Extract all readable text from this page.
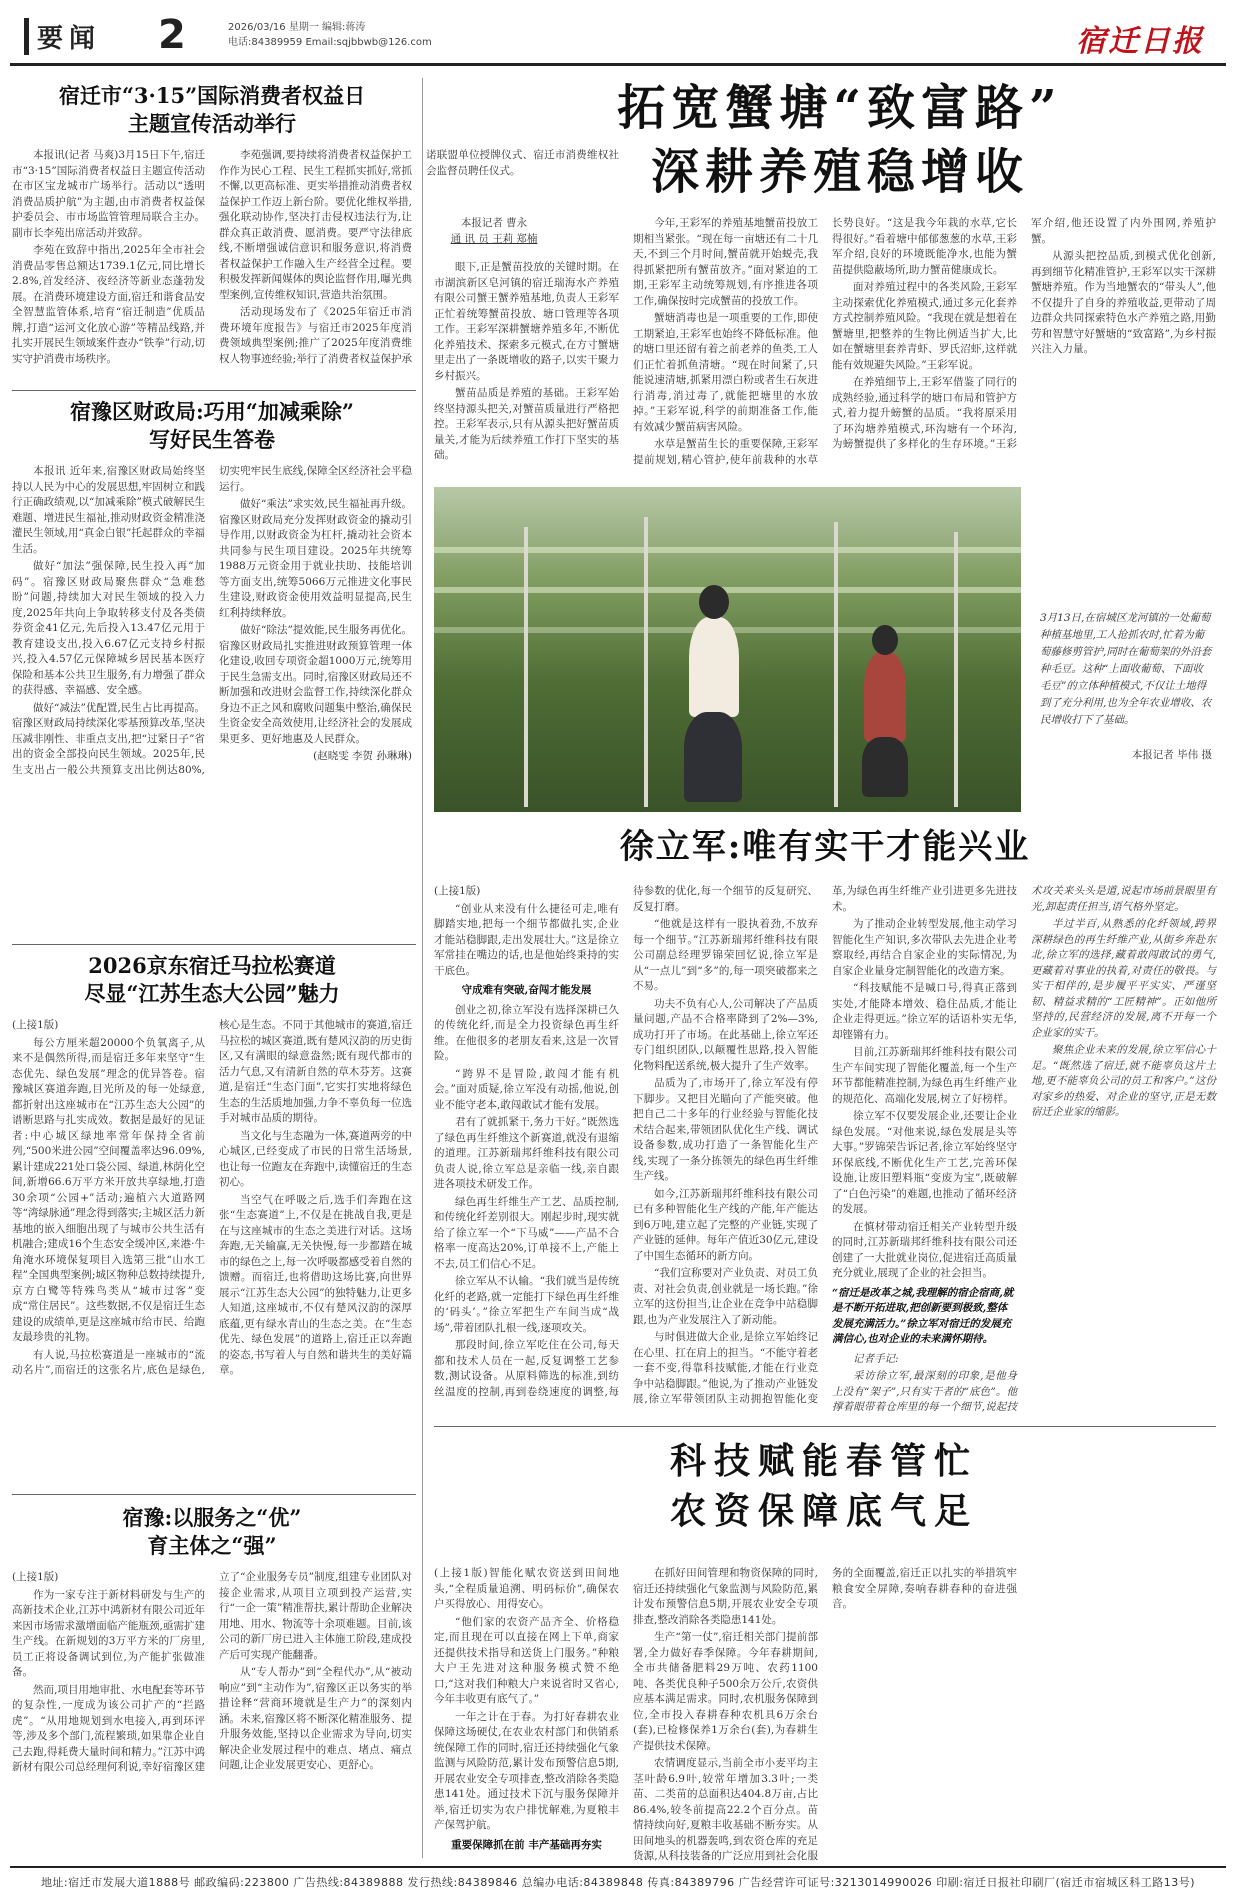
要闻 2	2026/03/16 星期一 编辑:蒋涛
电话:84389959 Email:sqjbbwb@126.com	宿迁日报
宿迁市“3·15”国际消费者权益日
主题宣传活动举行

本报讯(记者 马爽)3月15日下午,宿迁市“3·15”国际消费者权益日主题宣传活动在市区宝龙城市广场举行。活动以“透明消费品质护航”为主题,由市消费者权益保护委员会、市市场监管管理局联合主办。副市长李苑出席活动并致辞。

李苑在致辞中指出,2025年全市社会消费品零售总额达1739.1亿元,同比增长2.8%,首发经济、夜经济等新业态蓬勃发展。在消费环境建设方面,宿迁和谐食品安全智慧监管体系,培育“宿迁制造”优质品牌,打造“运河文化放心游”等精品线路,并扎实开展民生领域案件查办“铁拳”行动,切实守护消费市场秩序。

李苑强调,要持续将消费者权益保护工作作为民心工程、民生工程抓实抓好,常抓不懈,以更高标准、更实举措推动消费者权益保护工作迈上新台阶。要优化维权举措,强化联动协作,坚决打击侵权违法行为,让群众真正敢消费、愿消费。要严守法律底线,不断增强诚信意识和服务意识,将消费者权益保护工作融入生产经营全过程。要积极发挥新闻媒体的舆论监督作用,曝光典型案例,宣传维权知识,营造共治氛围。

活动现场发布了《2025年宿迁市消费环境年度报告》与宿迁市2025年度消费领域典型案例;推广了2025年度消费维权人物事迹经验;举行了消费者权益保护承诺联盟单位授牌仪式、宿迁市消费维权社会监督员聘任仪式。

拓宽蟹塘“致富路”
深耕养殖稳增收
本报记者 曹永
通 讯 员 王莉 郑楠

眼下,正是蟹苗投放的关键时期。在市湖滨新区皂河镇的宿迁瑞海水产养殖有限公司蟹王蟹养殖基地,负责人王彩军正忙着统筹蟹苗投放、塘口管理等各项工作。王彩军深耕蟹塘养殖多年,不断优化养殖技术、探索多元模式,在方寸蟹塘里走出了一条既增收的路子,以实干聚力乡村振兴。

蟹苗品质是养殖的基础。王彩军始终坚持源头把关,对蟹苗质量进行严格把控。王彩军表示,只有从源头把好蟹苗质量关,才能为后续养殖工作打下坚实的基础。

今年,王彩军的养殖基地蟹苗投放工期相当紧张。“现在每一亩塘还有二十几天,不到三个月时间,蟹苗就开始蜕壳,我得抓紧把所有蟹苗放齐。”面对紧迫的工期,王彩军主动统筹规划,有序推进各项工作,确保按时完成蟹苗的投放工作。

蟹塘消毒也是一项重要的工作,即使工期紧迫,王彩军也始终不降低标准。他的塘口里还留有着之前老养的鱼类,工人们正忙着抓鱼清塘。“现在时间紧了,只能说速清塘,抓紧用漂白粉或者生石灰进行消毒,消过毒了,就能把塘里的水放掉。”王彩军说,科学的前期准备工作,能有效减少蟹苗病害风险。

水草是蟹苗生长的重要保障,王彩军提前规划,精心管护,使年前栽种的水草长势良好。“这是我今年栽的水草,它长得很好。”看着塘中郁郁葱葱的水草,王彩军介绍,良好的环境既能净水,也能为蟹苗提供隐蔽场所,助力蟹苗健康成长。

面对养殖过程中的各类风险,王彩军主动探索优化养殖模式,通过多元化套养方式控制养殖风险。“我现在就是想着在蟹塘里,把整养的生物比例适当扩大,比如在蟹塘里套养青虾、罗氏沼虾,这样就能有效规避失风险。”王彩军说。

在养殖细节上,王彩军借鉴了同行的成熟经验,通过科学的塘口布局和管护方式,着力提升螃蟹的品质。“我将原采用了环沟塘养殖模式,环沟塘有一个环沟,为螃蟹提供了多样化的生存环境。”王彩军介绍,他还设置了内外围网,养殖护蟹。

从源头把控品质,到模式优化创新,再到细节化精准管护,王彩军以实干深耕蟹塘养殖。作为当地蟹农的“带头人”,他不仅提升了自身的养殖收益,更带动了周边群众共同探索特色水产养殖之路,用勤劳和智慧守好蟹塘的“致富路”,为乡村振兴注入力量。

3月13日,在宿城区龙河镇的一处葡萄种植基地里,工人抢抓农时,忙着为葡萄藤修剪管护,同时在葡萄架的外沿套种毛豆。这种“上面收葡萄、下面收毛豆”的立体种植模式,不仅让土地得到了充分利用,也为全年农业增收、农民增收打下了基础。
本报记者 毕伟 摄
宿豫区财政局:巧用“加减乘除”
写好民生答卷

本报讯 近年来,宿豫区财政局始终坚持以人民为中心的发展思想,牢固树立和践行正确政绩观,以“加减乘除”模式破解民生难题、增进民生福祉,推动财政资金精准浇灌民生领域,用“真金白银”托起群众的幸福生活。

做好“加法”强保障,民生投入再“加码”。宿豫区财政局聚焦群众“急难愁盼”问题,持续加大对民生领域的投入力度,2025年共向上争取转移支付及各类债券资金41亿元,先后投入13.47亿元用于教育建设支出,投入6.67亿元支持乡村振兴,投入4.57亿元保障城乡居民基本医疗保险和基本公共卫生服务,有力增强了群众的获得感、幸福感、安全感。

做好“减法”优配置,民生占比再提高。宿豫区财政局持续深化零基预算改革,坚决压减非刚性、非重点支出,把“过紧日子”省出的资金全部投向民生领域。2025年,民生支出占一般公共预算支出比例达80%,切实兜牢民生底线,保障全区经济社会平稳运行。

做好“乘法”求实效,民生福祉再升级。宿豫区财政局充分发挥财政资金的撬动引导作用,以财政资金为杠杆,撬动社会资本共同参与民生项目建设。2025年共统筹1988万元资金用于就业扶助、技能培训等方面支出,统筹5066万元推进文化事民生建设,财政资金使用效益明显提高,民生红利持续释放。

做好“除法”提效能,民生服务再优化。宿豫区财政局扎实推进财政预算管理一体化建设,收回专项资金超1000万元,统筹用于民生急需支出。同时,宿豫区财政局还不断加强和改进财会监督工作,持续深化群众身边不正之风和腐败问题集中整治,确保民生资金安全高效使用,让经济社会的发展成果更多、更好地惠及人民群众。

(赵晓雯 李贺 孙琳琳)

2026京东宿迁马拉松赛道
尽显“江苏生态大公园”魅力

(上接1版)

每公方厘米超20000个负氧离子,从来不是偶然所得,而是宿迁多年来坚守“生态优先、绿色发展”理念的优异答卷。宿豫城区赛道奔跑,目光所及的每一处绿意,都折射出这座城市在“江苏生态大公园”的谱断思路与扎实成效。数据是最好的见证者:中心城区绿地率常年保持全省前列,“500米进公园”空间覆盖率达96.09%,累计建成221处口袋公园、绿道,林荫化空间,新增66.6万平方米开放共享绿地,打造30余项“公园+”活动;遍植六大道路网等“湾绿脉通”理念得到落实;主城区活力新基地的嵌入细胞出现了与城市公共生活有机融合;建成16个生态安全缓冲区,来港·牛角淹水环境保复项目入选第三批“山水工程”全国典型案例;城区物种总数持续提升,京方白鹭等特殊鸟类从“城市过客”变成“常住居民”。这些数据,不仅是宿迁生态建设的成绩单,更是这座城市给市民、给跑友最珍贵的礼物。

有人说,马拉松赛道是一座城市的“流动名片”,而宿迁的这张名片,底色是绿色,核心是生态。不同于其他城市的赛道,宿迁马拉松的城区赛道,既有楚风汉韵的历史街区,又有满眼的绿意盎然;既有现代都市的活力气息,又有清新自然的草木芬芳。这赛道,是宿迁“生态门面”,它实打实地将绿色生态的生活质地加强,力争不辜负每一位选手对城市品质的期待。

当文化与生态融为一体,赛道两旁的中心城区,已经变成了市民的日常生活场景,也让每一位跑友在奔跑中,读懂宿迁的生态初心。

当空气在呼吸之后,选手们奔跑在这张“生态赛道”上,不仅是在挑战自我,更是在与这座城市的生态之美进行对话。这场奔跑,无关输赢,无关快慢,每一步都踏在城市的绿色之上,每一次呼吸都感受着自然的馈赠。而宿迁,也将借助这场比赛,向世界展示“江苏生态大公园”的独特魅力,让更多人知道,这座城市,不仅有楚风汉韵的深厚底蕴,更有绿水青山的生态之美。在“生态优先、绿色发展”的道路上,宿迁正以奔跑的姿态,书写着人与自然和谐共生的美好篇章。

宿豫:以服务之“优”
育主体之“强”

(上接1版)

作为一家专注于新材料研发与生产的高新技术企业,江苏中鸿新材有限公司近年来因市场需求激增面临产能瓶颈,亟需扩建生产线。在新规划的3万平方米的厂房里,员工正将设备调试到位,为产能扩张做准备。

然而,项目用地审批、水电配套等环节的复杂性,一度成为该公司扩产的“拦路虎”。“从用地规划到水电接入,再到环评等,涉及多个部门,流程繁琐,如果靠企业自己去跑,得耗费大量时间和精力。”江苏中鸿新材有限公司总经理何利说,幸好宿豫区建立了“企业服务专员”制度,组建专业团队对接企业需求,从项目立项到投产运营,实行“一企一策”精准帮扶,累计帮助企业解决用地、用水、物流等十余项难题。目前,该公司的新厂房已进入主体施工阶段,建成投产后可实现产能翻番。

从“专人帮办”到“全程代办”,从“被动响应”到“主动作为”,宿豫区正以务实的举措诠释“营商环境就是生产力”的深刻内涵。未来,宿豫区将不断深化精准服务、提升服务效能,坚持以企业需求为导向,切实解决企业发展过程中的难点、堵点、痛点问题,让企业发展更安心、更舒心。

徐立军:唯有实干才能兴业

(上接1版)

“创业从来没有什么捷径可走,唯有脚踏实地,把每一个细节都做扎实,企业才能站稳脚跟,走出发展壮大。”这是徐立军常挂在嘴边的话,也是他始终秉持的实干底色。

守成难有突破,奋闯才能发展

创业之初,徐立军没有选择深耕已久的传统化纤,而是全力投资绿色再生纤维。在他很多的老朋友看来,这是一次冒险。

“跨界不是冒险,敢闯才能有机会。”面对质疑,徐立军没有动摇,他说,创业不能守老本,敢闯敢试才能有发展。

君有了就抓紧干,务力干好。”既然选了绿色再生纤维这个新赛道,就没有退缩的道理。江苏新瑞邦纤维科技有限公司负责人说,徐立军总是亲临一线,亲自跟进各项技术研发工作。

绿色再生纤维生产工艺、品质控制,和传统化纤差别很大。刚起步时,现实就给了徐立军一个“下马威”——产品不合格率一度高达20%,订单接不上,产能上不去,员工们信心不足。

徐立军从不认输。“我们就当是传统化纤的老路,就一定能打下绿色再生纤维的‘码头’。”徐立军把生产车间当成“战场”,带着团队扎根一线,逐项攻关。

那段时间,徐立军吃住在公司,每天都和技术人员在一起,反复调整工艺参数,测试设备。从原料筛选的标准,到纺丝温度的控制,再到卷绕速度的调整,每待参数的优化,每一个细节的反复研究、反复打磨。

“他就是这样有一股执着劲,不放弃每一个细节。”江苏新瑞邦纤维科技有限公司副总经理罗锦荣回忆说,徐立军是从“一点儿”到“多”的,每一项突破都来之不易。

功夫不负有心人,公司解决了产品质量问题,产品不合格率降到了2%—3%,成功打开了市场。在此基础上,徐立军还专门组织团队,以颠覆性思路,投入智能化物料配送系统,极大提升了生产效率。

品质为了,市场开了,徐立军没有停下脚步。又把目光瞄向了产能突破。他把自己二十多年的行业经验与智能化技术结合起来,带领团队优化生产线、调试设备参数,成功打造了一条智能化生产线,实现了一条分拣领先的绿色再生纤维生产线。

如今,江苏新瑞邦纤维科技有限公司已有多种智能化生产线的产能,年产能达到6万吨,建立起了完整的产业链,实现了产业链的延伸。每年产值近30亿元,建设了中国生态循环的新方向。

“我们宣称要对产业负责、对员工负责、对社会负责,创业就是一场长跑。”徐立军的这份担当,让企业在竞争中站稳脚跟,也为产业发展注入了新动能。

与时俱进做大企业,是徐立军始终记在心里、扛在肩上的担当。“不能守着老一套不变,得靠科技赋能,才能在行业竞争中站稳脚跟。”他说,为了推动产业链发展,徐立军带领团队主动拥抱智能化变革,为绿色再生纤维产业引进更多先进技术。

为了推动企业转型发展,他主动学习智能化生产知识,多次带队去先进企业考察取经,再结合自家企业的实际情况,为自家企业量身定制智能化的改造方案。

“科技赋能不是喊口号,得真正落到实处,才能降本增效、稳住品质,才能让企业走得更远。”徐立军的话语朴实无华,却铿锵有力。

目前,江苏新瑞邦纤维科技有限公司生产车间实现了智能化覆盖,每一个生产环节都能精准控制,为绿色再生纤维产业的规范化、高端化发展,树立了好榜样。

徐立军不仅要发展企业,还要让企业绿色发展。“对他来说,绿色发展是头等大事。”罗锦荣告诉记者,徐立军始终坚守环保底线,不断优化生产工艺,完善环保设施,让废旧塑料瓶“变废为宝”,既破解了“白色污染”的难题,也推动了循环经济的发展。

在慎材带动宿迁相关产业转型升级的同时,江苏新瑞邦纤维科技有限公司还创建了一大批就业岗位,促进宿迁高质量充分就业,展现了企业的社会担当。

“宿迁是改革之城,我理解的宿企宿商,就是不断开拓进取,把创新要到极致,整体发展充满活力。”徐立军对宿迁的发展充满信心,也对企业的未来满怀期待。

记者手记:

采访徐立军,最深刻的印象,是他身上没有“架子”,只有实干者的“底色”。他撑着眼带着仓库里的每一个细节,说起技术攻关来头头是道,说起市场前景眼里有光,卸起责任担当,语气格外坚定。

半过半百,从熟悉的化纤领域,跨界深耕绿色的再生纤维产业,从街乡奔赴东北,徐立军的选择,藏着敢闯敢试的勇气,更藏着对事业的执着,对责任的敬畏。与实干相伴的,是步履平平实实、严谨坚韧、精益求精的“工匠精神”。正如他所坚持的,民营经济的发展,离不开每一个企业家的实干。

聚焦企业未来的发展,徐立军信心十足。“既然选了宿迁,就不能辜负这片土地,更不能辜负公司的员工和客户。”这份对家乡的热爱、对企业的坚守,正是无数宿迁企业家的缩影。

科技赋能春管忙
农资保障底气足

(上接1版)智能化赋农资送到田间地头,“全程质量追溯、明码标价”,确保农户买得放心、用得安心。

“他们家的农资产品齐全、价格稳定,而且现在可以直接在网上下单,商家还提供技术指导和送货上门服务。”种粮大户王先进对这种服务模式赞不绝口,“这对我们种粮大户来说省时又省心,今年丰收更有底气了。”

一年之计在于春。为打好春耕农业保障这场硬仗,在农业农村部门和供销系统保障工作的同时,宿迁还持续强化气象监测与风险防范,累计发布预警信息5期,开展农业安全专项排查,整改消除各类隐患141处。通过技术下沉与服务保障并举,宿迁切实为农户排忧解难,为夏粮丰产保驾护航。

重要保障抓在前 丰产基础再夯实

在抓好田间管理和物资保障的同时,宿迁还持续强化气象监测与风险防范,累计发布预警信息5期,开展农业安全专项排查,整改消除各类隐患141处。

生产“第一仗”,宿迁相关部门提前部署,全力做好春季保障。今年春耕期间,全市共储备肥料29万吨、农药1100吨、各类优良种子500余万公斤,农资供应基本满足需求。同时,农机服务保障到位,全市投入春耕春种农机具6万余台(套),已检修保养1万余台(套),为春耕生产提供技术保障。

农情调度显示,当前全市小麦平均主茎叶龄6.9叶,较常年增加3.3叶;一类苗、二类苗的总面积达404.8万亩,占比86.4%,较冬前提高22.2个百分点。苗情持续向好,夏粮丰收基础不断夯实。从田间地头的机器轰鸣,到农资仓库的充足货源,从科技装备的广泛应用到社会化服务的全面覆盖,宿迁正以扎实的举措筑牢粮食安全屏障,奏响春耕春种的奋进强音。

地址:宿迁市发展大道1888号 邮政编码:223800 广告热线:84389888 发行热线:84389846 总编办电话:84389848 传真:84389796 广告经营许可证号:3213014990026 印刷:宿迁日报社印刷厂(宿迁市宿城区科工路13号)
